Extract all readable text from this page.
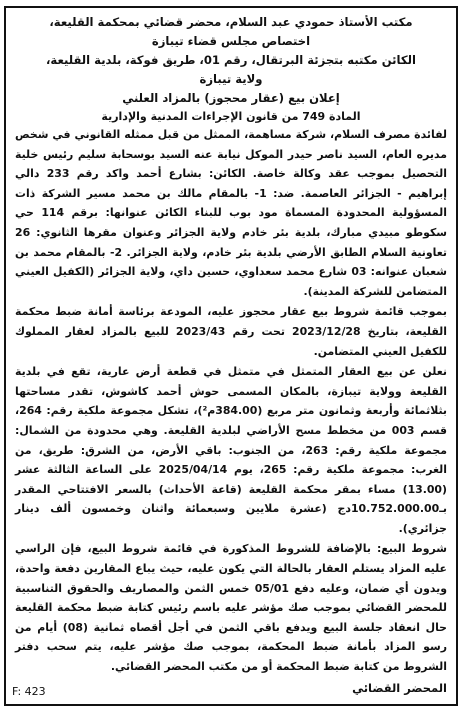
مكتب الأستاذ حمودي عبد السلام، محضر قضائي بمحكمة القليعة،

اختصاص مجلس قضاء تيبازة

الكائن مكتبه بتجزئة البرتقال، رقم 01، طريق فوكة، بلدية القليعة،

ولاية تيبازة

إعلان بيع (عقار محجوز) بالمزاد العلني

المادة 749 من قانون الإجراءات المدنية والإدارية

لفائدة مصرف السلام، شركة مساهمة، الممثل من قبل ممثله القانوني في شخص مديره العام، السيد ناصر حيدر الموكل نيابة عنه السيد بوسحابة سليم رئيس خلية التحصيل بموجب عقد وكالة خاصة. الكائن: بشارع أحمد واكد رقم 233 دالي إبراهيم - الجزائر العاصمة. ضد: 1- بالمقام مالك بن محمد مسير الشركة ذات المسؤولية المحدودة المسماة مود بوب للبناء الكائن عنوانها: برقم 114 حي سكوطو مبيدي مبارك، بلدية بئر خادم ولاية الجزائر وعنوان مقرها الثانوي: 26 تعاونية السلام الطابق الأرضي بلدية بئر خادم، ولاية الجزائر. 2- بالمقام محمد بن شعبان عنوانه: 03 شارع محمد سعداوي، حسين داي، ولاية الجزائر (الكفيل العيني المتضامن للشركة المدينة).

بموجب قائمة شروط بيع عقار محجوز عليه، المودعة برئاسة أمانة ضبط محكمة القليعة، بتاريخ 2023/12/28 تحت رقم 2023/43 للبيع بالمزاد لعقار المملوك للكفيل العيني المتضامن.

نعلن عن بيع العقار المتمثل في متمثل في قطعة أرض عارية، تقع في بلدية القليعة وولاية تيبازة، بالمكان المسمى حوش أحمد كاشوش، تقدر مساحتها بثلاثمائة وأربعة وثمانون متر مربع (384.00م²)، تشكل مجموعة ملكية رقم: 264، قسم 003 من مخطط مسح الأراضي لبلدية القليعة. وهي محدودة من الشمال: مجموعة ملكية رقم: 263، من الجنوب: باقي الأرض، من الشرق: طريق، من الغرب: مجموعة ملكية رقم: 265، يوم 2025/04/14 على الساعة الثالثة عشر (13.00) مساء بمقر محكمة القليعة (قاعة الأحداث) بالسعر الافتتاحي المقدر بـ10.752.000.00دج (عشرة ملايين وسبعمائة واثنان وخمسون ألف دينار جزائري).

شروط البيع: بالإضافة للشروط المذكورة في قائمة شروط البيع، فإن الراسي عليه المزاد يستلم العقار بالحالة التي يكون عليه، حيث يباع المقارين دفعة واحدة، ويدون أي ضمان، وعليه دفع 05/01 خمس الثمن والمصاريف والحقوق التناسبية للمحضر القضائي بموجب صك مؤشر عليه باسم رئيس كتابة ضبط محكمة القليعة حال انعقاد جلسة البيع ويدفع باقي الثمن في أجل أقصاه ثمانية (08) أيام من رسو المزاد بأمانة ضبط المحكمة، بموجب صك مؤشر عليه، يتم سحب دفتر الشروط من كتابة ضبط المحكمة أو من مكتب المحضر القضائي.

المحضر القضائي
F: 423
